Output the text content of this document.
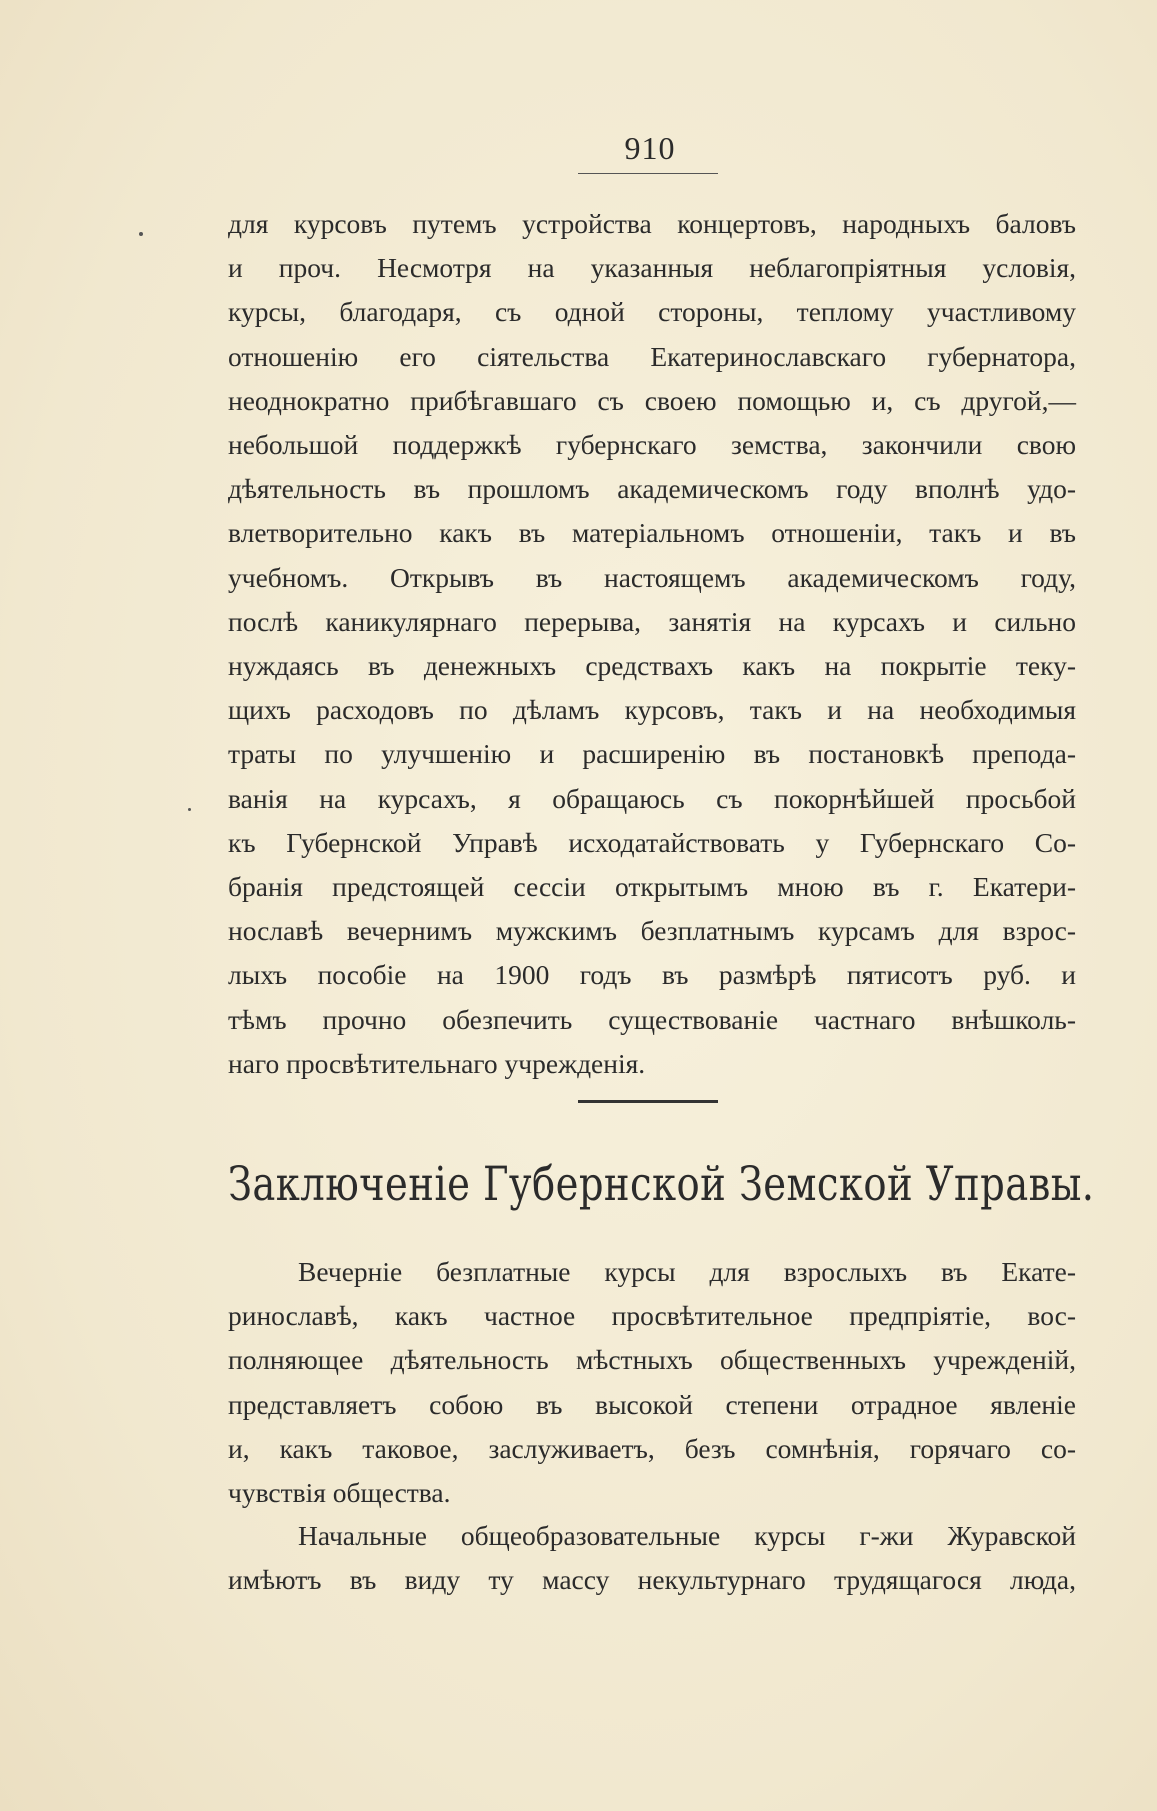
910
для курсовъ путемъ устройства концертовъ, народныхъ баловъ
и проч. Несмотря на указанныя неблагопріятныя условія,
курсы, благодаря, съ одной стороны, теплому участливому
отношенію его сіятельства Екатеринославскаго губернатора,
неоднократно прибѣгавшаго съ своею помощью и, съ другой,—
небольшой поддержкѣ губернскаго земства, закончили свою
дѣятельность въ прошломъ академическомъ году вполнѣ удо-
влетворительно какъ въ матеріальномъ отношеніи, такъ и въ
учебномъ. Открывъ въ настоящемъ академическомъ году,
послѣ каникулярнаго перерыва, занятія на курсахъ и сильно
нуждаясь въ денежныхъ средствахъ какъ на покрытіе теку-
щихъ расходовъ по дѣламъ курсовъ, такъ и на необходимыя
траты по улучшенію и расширенію въ постановкѣ препода-
ванія на курсахъ, я обращаюсь съ покорнѣйшей просьбой
къ Губернской Управѣ исходатайствовать у Губернскаго Со-
бранія предстоящей сессіи открытымъ мною въ г. Екатери-
нославѣ вечернимъ мужскимъ безплатнымъ курсамъ для взрос-
лыхъ пособіе на 1900 годъ въ размѣрѣ пятисотъ руб. и
тѣмъ прочно обезпечить существованіе частнаго внѣшколь-
наго просвѣтительнаго учрежденія.
Заключеніе Губернской Земской Управы.
Вечерніе безплатные курсы для взрослыхъ въ Екате-
ринославѣ, какъ частное просвѣтительное предпріятіе, вос-
полняющее дѣятельность мѣстныхъ общественныхъ учрежденій,
представляетъ собою въ высокой степени отрадное явленіе
и, какъ таковое, заслуживаетъ, безъ сомнѣнія, горячаго со-
чувствія общества.
Начальные общеобразовательные курсы г-жи Журавской
имѣютъ въ виду ту массу некультурнаго трудящагося люда,
